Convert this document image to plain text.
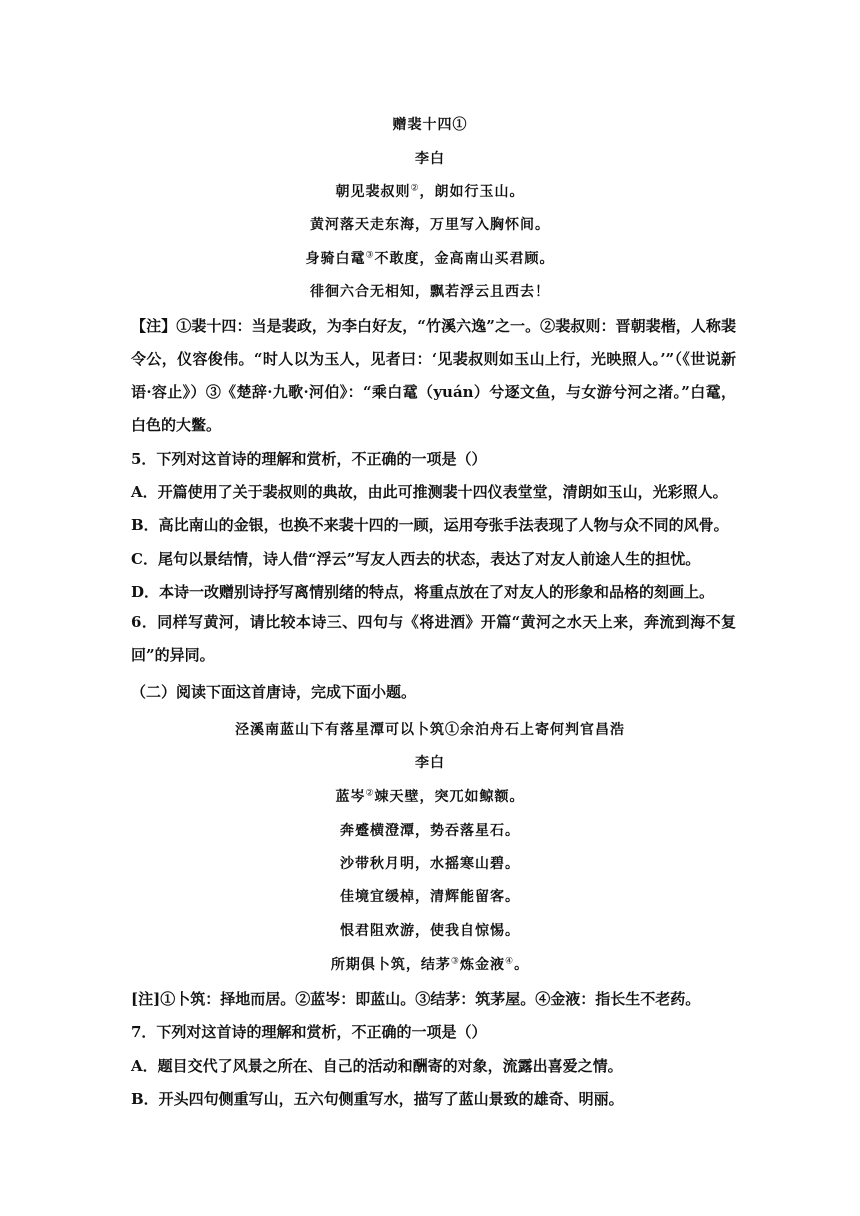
赠裴十四①
李白
朝见裴叔则②，朗如行玉山。
黄河落天走东海，万里写入胸怀间。
身骑白鼋③不敢度，金高南山买君顾。
徘徊六合无相知，飘若浮云且西去！
【注】①裴十四：当是裴政，为李白好友，“竹溪六逸”之一。②裴叔则：晋朝裴楷，人称裴令公，仪容俊伟。“时人以为玉人，见者曰：‘见裴叔则如玉山上行，光映照人。’”（《世说新语·容止》）③《楚辞·九歌·河伯》：“乘白鼋（yuán）兮逐文鱼，与女游兮河之渚。”白鼋，白色的大鳖。
5．下列对这首诗的理解和赏析，不正确的一项是（）
A．开篇使用了关于裴叔则的典故，由此可推测裴十四仪表堂堂，清朗如玉山，光彩照人。
B．高比南山的金银，也换不来裴十四的一顾，运用夸张手法表现了人物与众不同的风骨。
C．尾句以景结情，诗人借“浮云”写友人西去的状态，表达了对友人前途人生的担忧。
D．本诗一改赠别诗抒写离情别绪的特点，将重点放在了对友人的形象和品格的刻画上。
6．同样写黄河，请比较本诗三、四句与《将进酒》开篇“黄河之水天上来，奔流到海不复回”的异同。
（二）阅读下面这首唐诗，完成下面小题。
泾溪南蓝山下有落星潭可以卜筑①余泊舟石上寄何判官昌浩
李白
蓝岑②竦天壁，突兀如鲸额。
奔蹙横澄潭，势吞落星石。
沙带秋月明，水摇寒山碧。
佳境宜缓棹，清辉能留客。
恨君阻欢游，使我自惊惕。
所期俱卜筑，结茅③炼金液④。
[注]①卜筑：择地而居。②蓝岑：即蓝山。③结茅：筑茅屋。④金液：指长生不老药。
7．下列对这首诗的理解和赏析，不正确的一项是（）
A．题目交代了风景之所在、自己的活动和酬寄的对象，流露出喜爱之情。
B．开头四句侧重写山，五六句侧重写水，描写了蓝山景致的雄奇、明丽。
